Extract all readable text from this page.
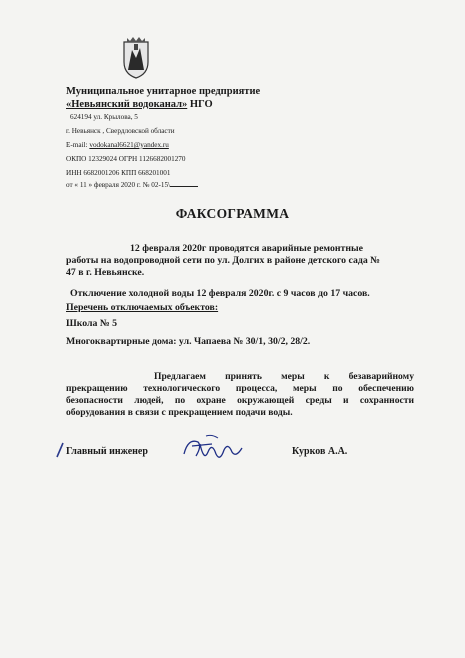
Муниципальное унитарное предприятие
«Невьянский водоканал» НГО
624194 ул. Крылова, 5
г. Невьянск , Свердловской области
E-mail: vodokanal6621@yandex.ru
ОКПО 12329024 ОГРН 1126682001270
ИНН 6682001206 КПП 668201001
от « 11 » февраля 2020 г. № 02-15\
ФАКСОГРАММА
12 февраля 2020г проводятся аварийные ремонтные
работы на водопроводной сети по ул. Долгих в районе детского сада №
47 в г. Невьянске.
Отключение холодной воды 12 февраля 2020г. с 9 часов до 17 часов.
Перечень отключаемых объектов:
Школа № 5
Многоквартирные дома: ул. Чапаева № 30/1, 30/2, 28/2.
Предлагаем принять меры к безаварийному
прекращению технологического процесса, меры по обеспечению
безопасности людей, по охране окружающей среды и сохранности
оборудования в связи с прекращением подачи воды.
Главный инженер	Курков А.А.
